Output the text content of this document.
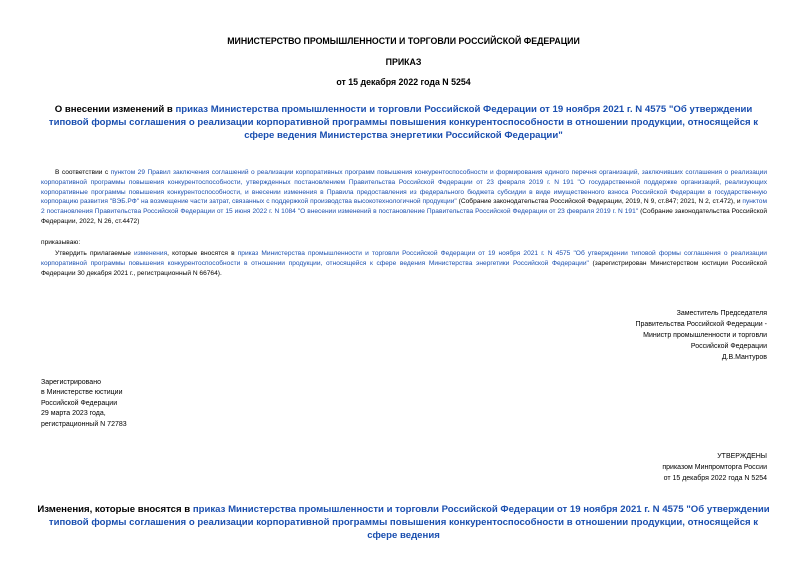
МИНИСТЕРСТВО ПРОМЫШЛЕННОСТИ И ТОРГОВЛИ РОССИЙСКОЙ ФЕДЕРАЦИИ
ПРИКАЗ
от 15 декабря 2022 года N 5254
О внесении изменений в приказ Министерства промышленности и торговли Российской Федерации от 19 ноября 2021 г. N 4575 "Об утверждении типовой формы соглашения о реализации корпоративной программы повышения конкурентоспособности в отношении продукции, относящейся к сфере ведения Министерства энергетики Российской Федерации"
В соответствии с пунктом 29 Правил заключения соглашений о реализации корпоративных программ повышения конкурентоспособности и формирования единого перечня организаций, заключивших соглашения о реализации корпоративной программы повышения конкурентоспособности, утвержденных постановлением Правительства Российской Федерации от 23 февраля 2019 г. N 191 "О государственной поддержке организаций, реализующих корпоративные программы повышения конкурентоспособности, и внесении изменения в Правила предоставления из федерального бюджета субсидии в виде имущественного взноса Российской Федерации в государственную корпорацию развития "ВЭБ.РФ" на возмещение части затрат, связанных с поддержкой производства высокотехнологичной продукции" (Собрание законодательства Российской Федерации, 2019, N 9, ст.847; 2021, N 2, ст.472), и пунктом 2 постановления Правительства Российской Федерации от 15 июня 2022 г. N 1084 "О внесении изменений в постановление Правительства Российской Федерации от 23 февраля 2019 г. N 191" (Собрание законодательства Российской Федерации, 2022, N 26, ст.4472)
приказываю:
Утвердить прилагаемые изменения, которые вносятся в приказ Министерства промышленности и торговли Российской Федерации от 19 ноября 2021 г. N 4575 "Об утверждении типовой формы соглашения о реализации корпоративной программы повышения конкурентоспособности в отношении продукции, относящейся к сфере ведения Министерства энергетики Российской Федерации" (зарегистрирован Министерством юстиции Российской Федерации 30 декабря 2021 г., регистрационный N 66764).
Заместитель Председателя
Правительства Российской Федерации -
Министр промышленности и торговли
Российской Федерации
Д.В.Мантуров
Зарегистрировано
в Министерстве юстиции
Российской Федерации
29 марта 2023 года,
регистрационный N 72783
УТВЕРЖДЕНЫ
приказом Минпромторга России
от 15 декабря 2022 года N 5254
Изменения, которые вносятся в приказ Министерства промышленности и торговли Российской Федерации от 19 ноября 2021 г. N 4575 "Об утверждении типовой формы соглашения о реализации корпоративной программы повышения конкурентоспособности в отношении продукции, относящейся к сфере ведения
